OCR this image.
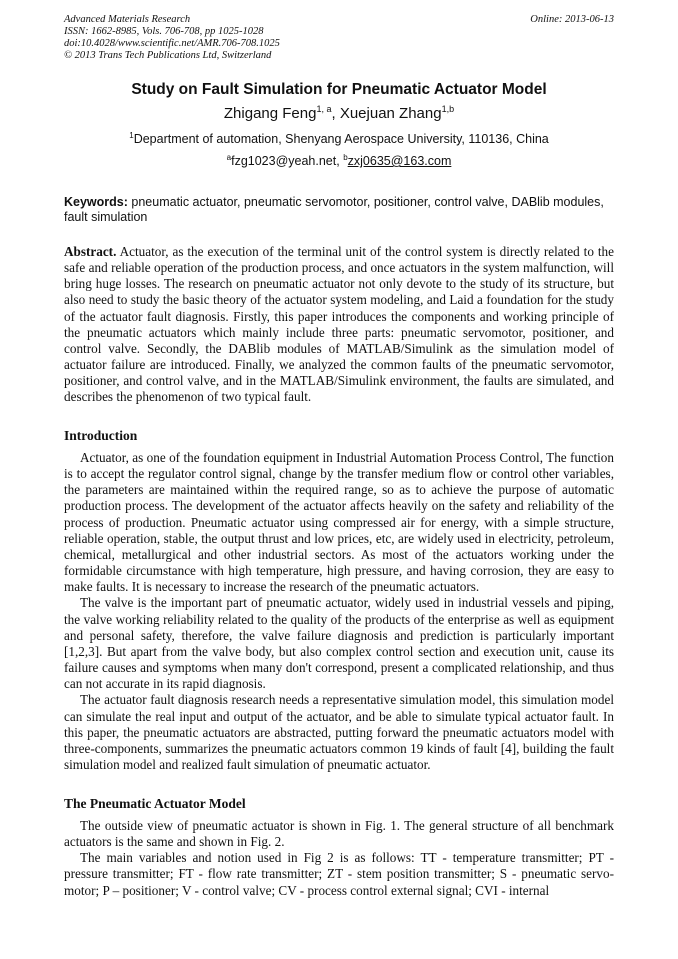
Advanced Materials Research
ISSN: 1662-8985, Vols. 706-708, pp 1025-1028
doi:10.4028/www.scientific.net/AMR.706-708.1025
© 2013 Trans Tech Publications Ltd, Switzerland
Online: 2013-06-13
Study on Fault Simulation for Pneumatic Actuator Model
Zhigang Feng$^{1, a}$, Xuejuan Zhang$^{1,b}$
$^1$Department of automation, Shenyang Aerospace University, 110136, China
$^a$fzg1023@yeah.net, $^b$zxj0635@163.com
Keywords: pneumatic actuator, pneumatic servomotor, positioner, control valve, DABlib modules, fault simulation

Abstract. Actuator, as the execution of the terminal unit of the control system is directly related to the safe and reliable operation of the production process, and once actuators in the system malfunction, will bring huge losses. The research on pneumatic actuator not only devote to the study of its structure, but also need to study the basic theory of the actuator system modeling, and Laid a foundation for the study of the actuator fault diagnosis. Firstly, this paper introduces the components and working principle of the pneumatic actuators which mainly include three parts: pneumatic servomotor, positioner, and control valve. Secondly, the DABlib modules of MATLAB/Simulink as the simulation model of actuator failure are introduced. Finally, we analyzed the common faults of the pneumatic servomotor, positioner, and control valve, and in the MATLAB/Simulink environment, the faults are simulated, and describes the phenomenon of two typical fault.

Introduction

Actuator, as one of the foundation equipment in Industrial Automation Process Control, The function is to accept the regulator control signal, change by the transfer medium flow or control other variables, the parameters are maintained within the required range, so as to achieve the purpose of automatic production process. The development of the actuator affects heavily on the safety and reliability of the process of production. Pneumatic actuator using compressed air for energy, with a simple structure, reliable operation, stable, the output thrust and low prices, etc, are widely used in electricity, petroleum, chemical, metallurgical and other industrial sectors. As most of the actuators working under the formidable circumstance with high temperature, high pressure, and having corrosion, they are easy to make faults. It is necessary to increase the research of the pneumatic actuators.

The valve is the important part of pneumatic actuator, widely used in industrial vessels and piping, the valve working reliability related to the quality of the products of the enterprise as well as equipment and personal safety, therefore, the valve failure diagnosis and prediction is particularly important [1,2,3]. But apart from the valve body, but also complex control section and execution unit, cause its failure causes and symptoms when many don't correspond, present a complicated relationship, and thus can not accurate in its rapid diagnosis.

The actuator fault diagnosis research needs a representative simulation model, this simulation model can simulate the real input and output of the actuator, and be able to simulate typical actuator fault. In this paper, the pneumatic actuators are abstracted, putting forward the pneumatic actuators model with three-components, summarizes the pneumatic actuators common 19 kinds of fault [4], building the fault simulation model and realized fault simulation of pneumatic actuator.

The Pneumatic Actuator Model

The outside view of pneumatic actuator is shown in Fig. 1. The general structure of all benchmark actuators is the same and shown in Fig. 2.

The main variables and notion used in Fig 2 is as follows: TT - temperature transmitter; PT - pressure transmitter; FT - flow rate transmitter; ZT - stem position transmitter; S - pneumatic servo-motor; P – positioner; V - control valve; CV - process control external signal; CVI - internal
